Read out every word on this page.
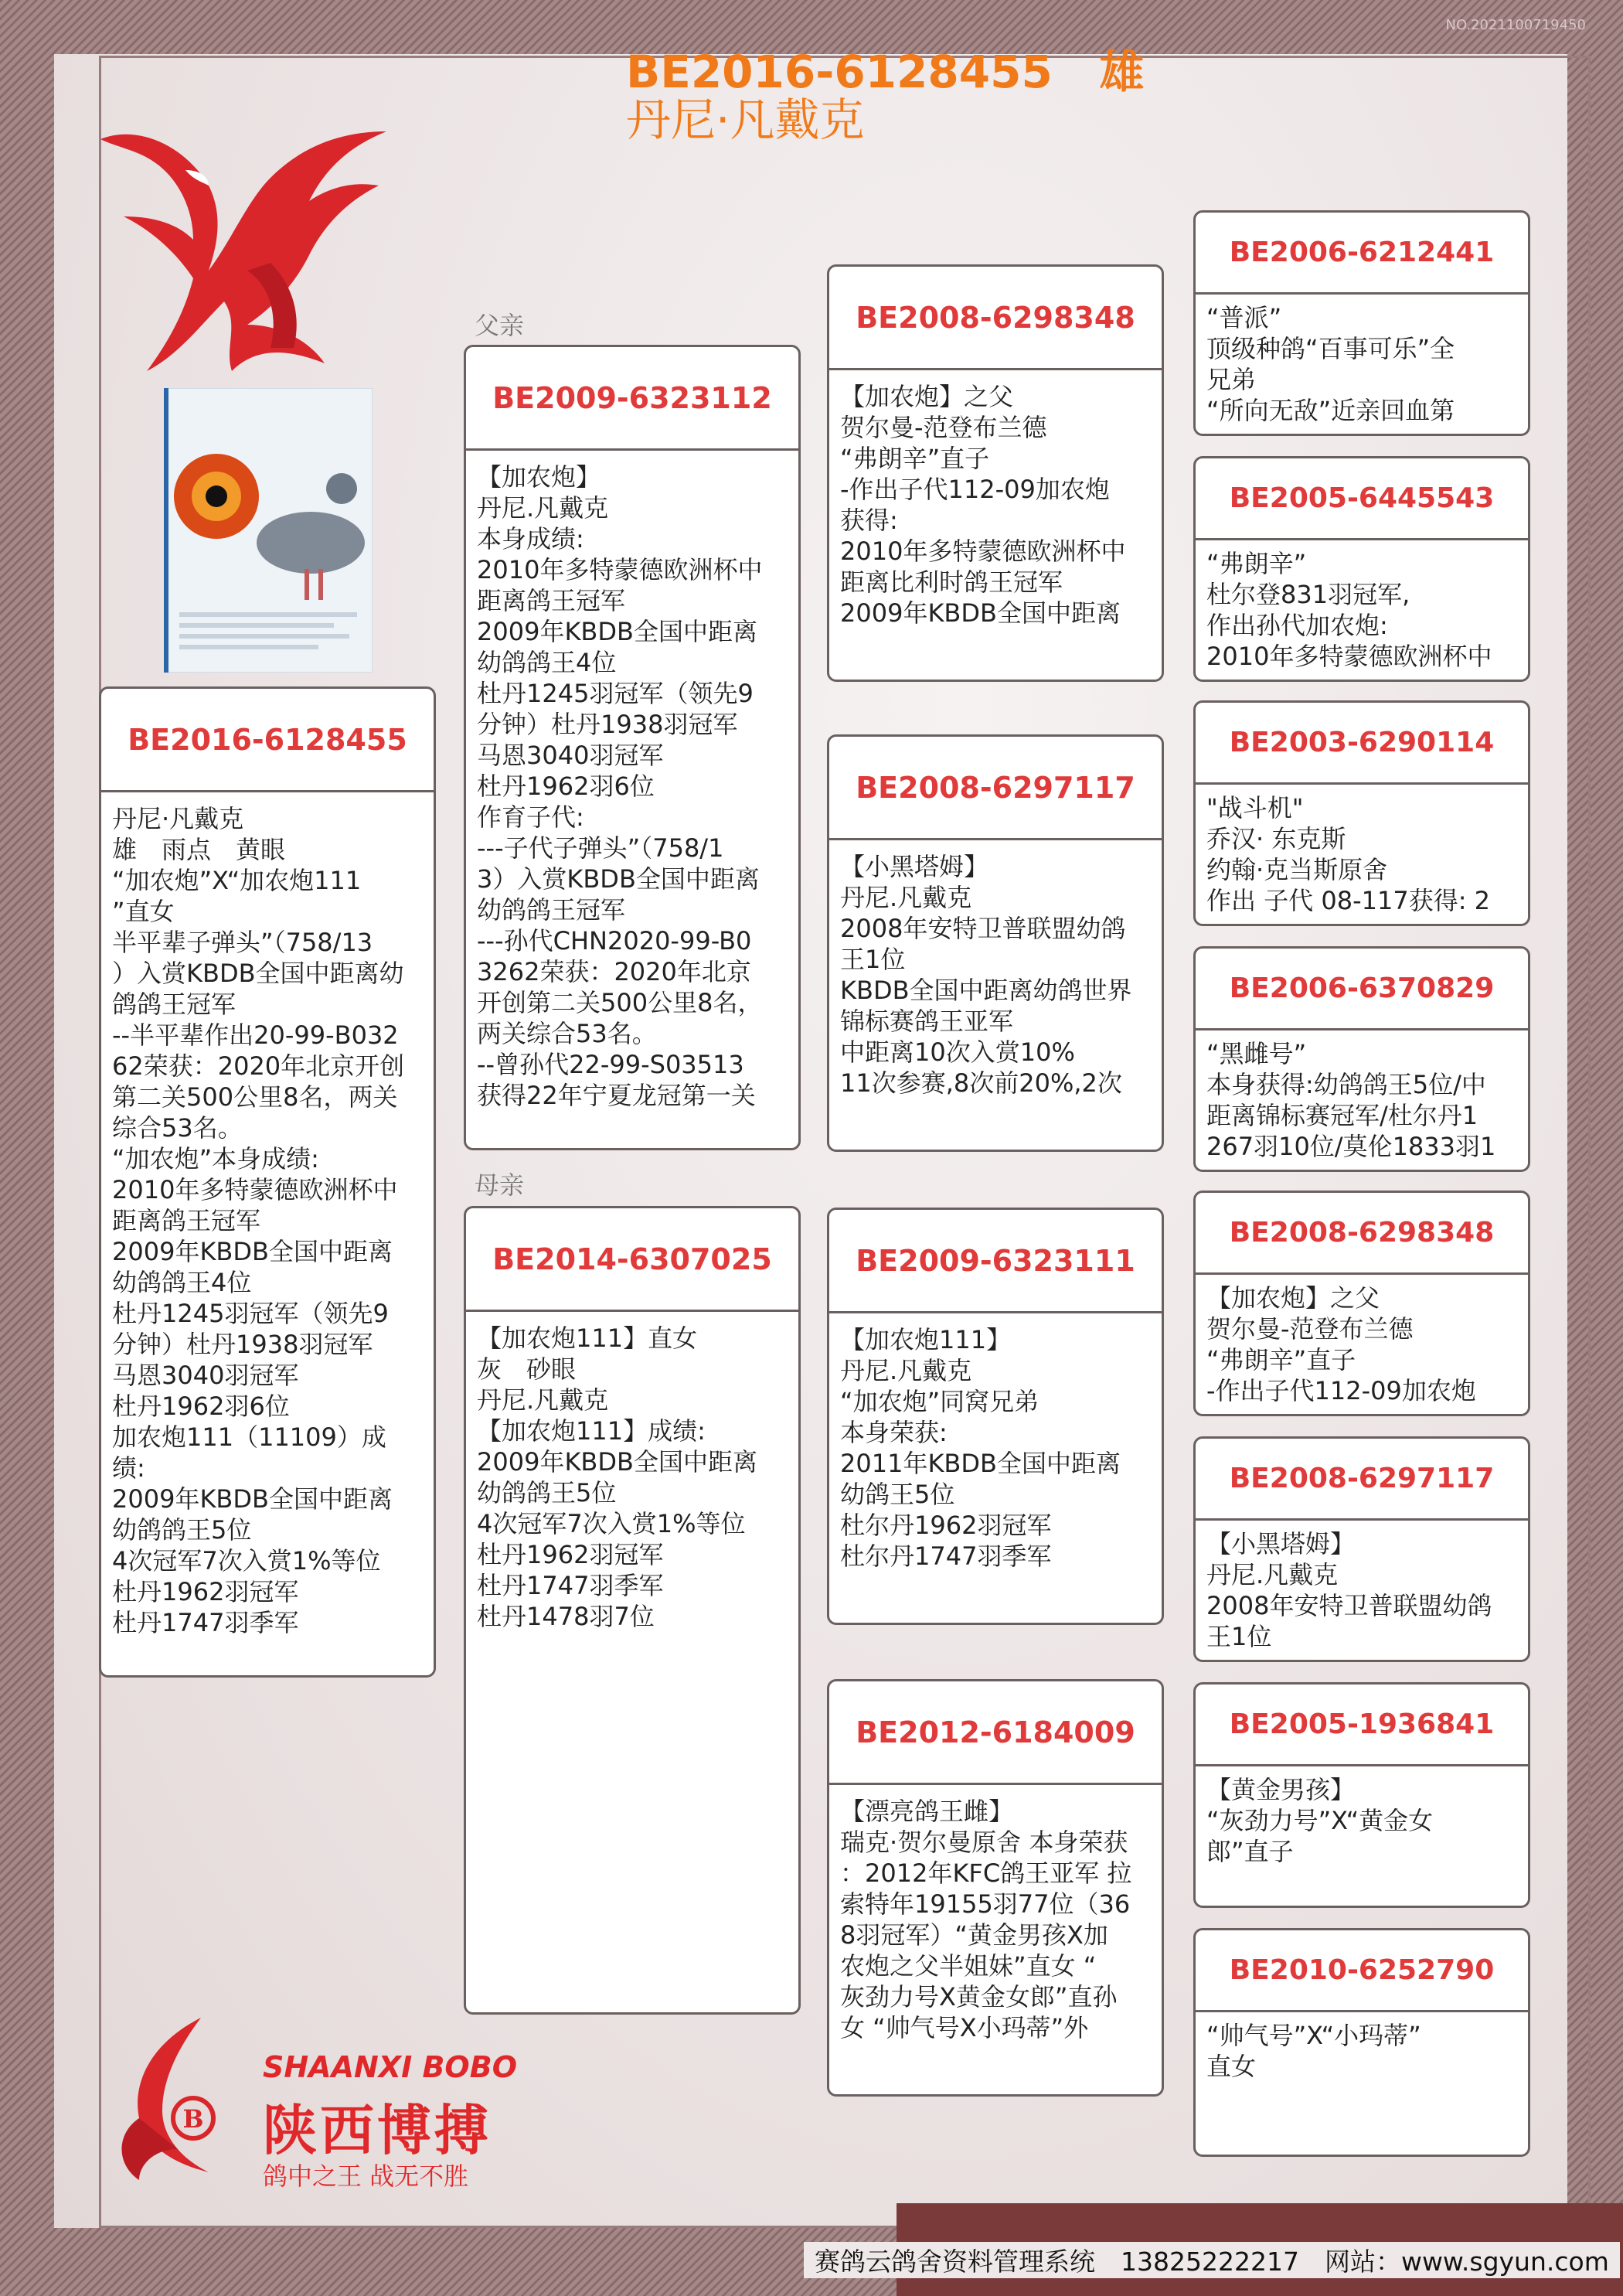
NO.2021100719450
BE2016-6128455   雄
丹尼·凡戴克
父亲
母亲
BE2016-6128455
丹尼·凡戴克
雄　雨点　黄眼
“加农炮”X“加农炮111
”直女
半平辈子弹头”（758/13
）入赏KBDB全国中距离幼
鸽鸽王冠军
--半平辈作出20-99-B032
62荣获：2020年北京开创
第二关500公里8名，两关
综合53名。
“加农炮”本身成绩:
2010年多特蒙德欧洲杯中
距离鸽王冠军
2009年KBDB全国中距离
幼鸽鸽王4位
杜丹1245羽冠军（领先9
分钟）杜丹1938羽冠军
马恩3040羽冠军
杜丹1962羽6位
加农炮111（11109）成
绩:
2009年KBDB全国中距离
幼鸽鸽王5位
4次冠军7次入赏1%等位
杜丹1962羽冠军
杜丹1747羽季军
BE2009-6323112
【加农炮】
丹尼.凡戴克
本身成绩:
2010年多特蒙德欧洲杯中
距离鸽王冠军
2009年KBDB全国中距离
幼鸽鸽王4位
杜丹1245羽冠军（领先9
分钟）杜丹1938羽冠军
马恩3040羽冠军
杜丹1962羽6位
作育子代:
---子代子弹头”（758/1
3）入赏KBDB全国中距离
幼鸽鸽王冠军
---孙代CHN2020-99-B0
3262荣获：2020年北京
开创第二关500公里8名，
两关综合53名。
--曾孙代22-99-S03513
获得22年宁夏龙冠第一关
BE2014-6307025
【加农炮111】直女
灰　砂眼
丹尼.凡戴克
【加农炮111】成绩:
2009年KBDB全国中距离
幼鸽鸽王5位
4次冠军7次入赏1%等位
杜丹1962羽冠军
杜丹1747羽季军
杜丹1478羽7位
BE2008-6298348
【加农炮】之父
贺尔曼-范登布兰德
“弗朗辛”直子
-作出子代112-09加农炮
获得:
2010年多特蒙德欧洲杯中
距离比利时鸽王冠军
2009年KBDB全国中距离
BE2008-6297117
【小黑塔姆】
丹尼.凡戴克
2008年安特卫普联盟幼鸽
王1位
KBDB全国中距离幼鸽世界
锦标赛鸽王亚军
中距离10次入赏10%
11次参赛,8次前20%,2次
BE2009-6323111
【加农炮111】
丹尼.凡戴克
“加农炮”同窝兄弟
本身荣获:
2011年KBDB全国中距离
幼鸽王5位
杜尔丹1962羽冠军
杜尔丹1747羽季军
BE2012-6184009
【漂亮鸽王雌】
瑞克·贺尔曼原舍 本身荣获
：2012年KFC鸽王亚军 拉
索特年19155羽77位（36
8羽冠军）“黄金男孩X加
农炮之父半姐妹”直女 “
灰劲力号X黄金女郎”直孙
女 “帅气号X小玛蒂”外
BE2006-6212441
“普派”
顶级种鸽“百事可乐”全
兄弟
“所向无敌”近亲回血第
BE2005-6445543
“弗朗辛”
杜尔登831羽冠军,
作出孙代加农炮:
2010年多特蒙德欧洲杯中
BE2003-6290114
"战斗机"
乔汉· 东克斯
约翰·克当斯原舍
作出 子代 08-117获得: 2
BE2006-6370829
“黑雌号”
本身获得:幼鸽鸽王5位/中
距离锦标赛冠军/杜尔丹1
267羽10位/莫伦1833羽1
BE2008-6298348
【加农炮】之父
贺尔曼-范登布兰德
“弗朗辛”直子
-作出子代112-09加农炮
BE2008-6297117
【小黑塔姆】
丹尼.凡戴克
2008年安特卫普联盟幼鸽
王1位
BE2005-1936841
【黄金男孩】
“灰劲力号”X“黄金女
郎”直子
BE2010-6252790
“帅气号”X“小玛蒂”
直女
B
SHAANXI BOBO
陕西博搏
鸽中之王 战无不胜
赛鸽云鸽舍资料管理系统　13825222217　网站：www.sgyun.com
